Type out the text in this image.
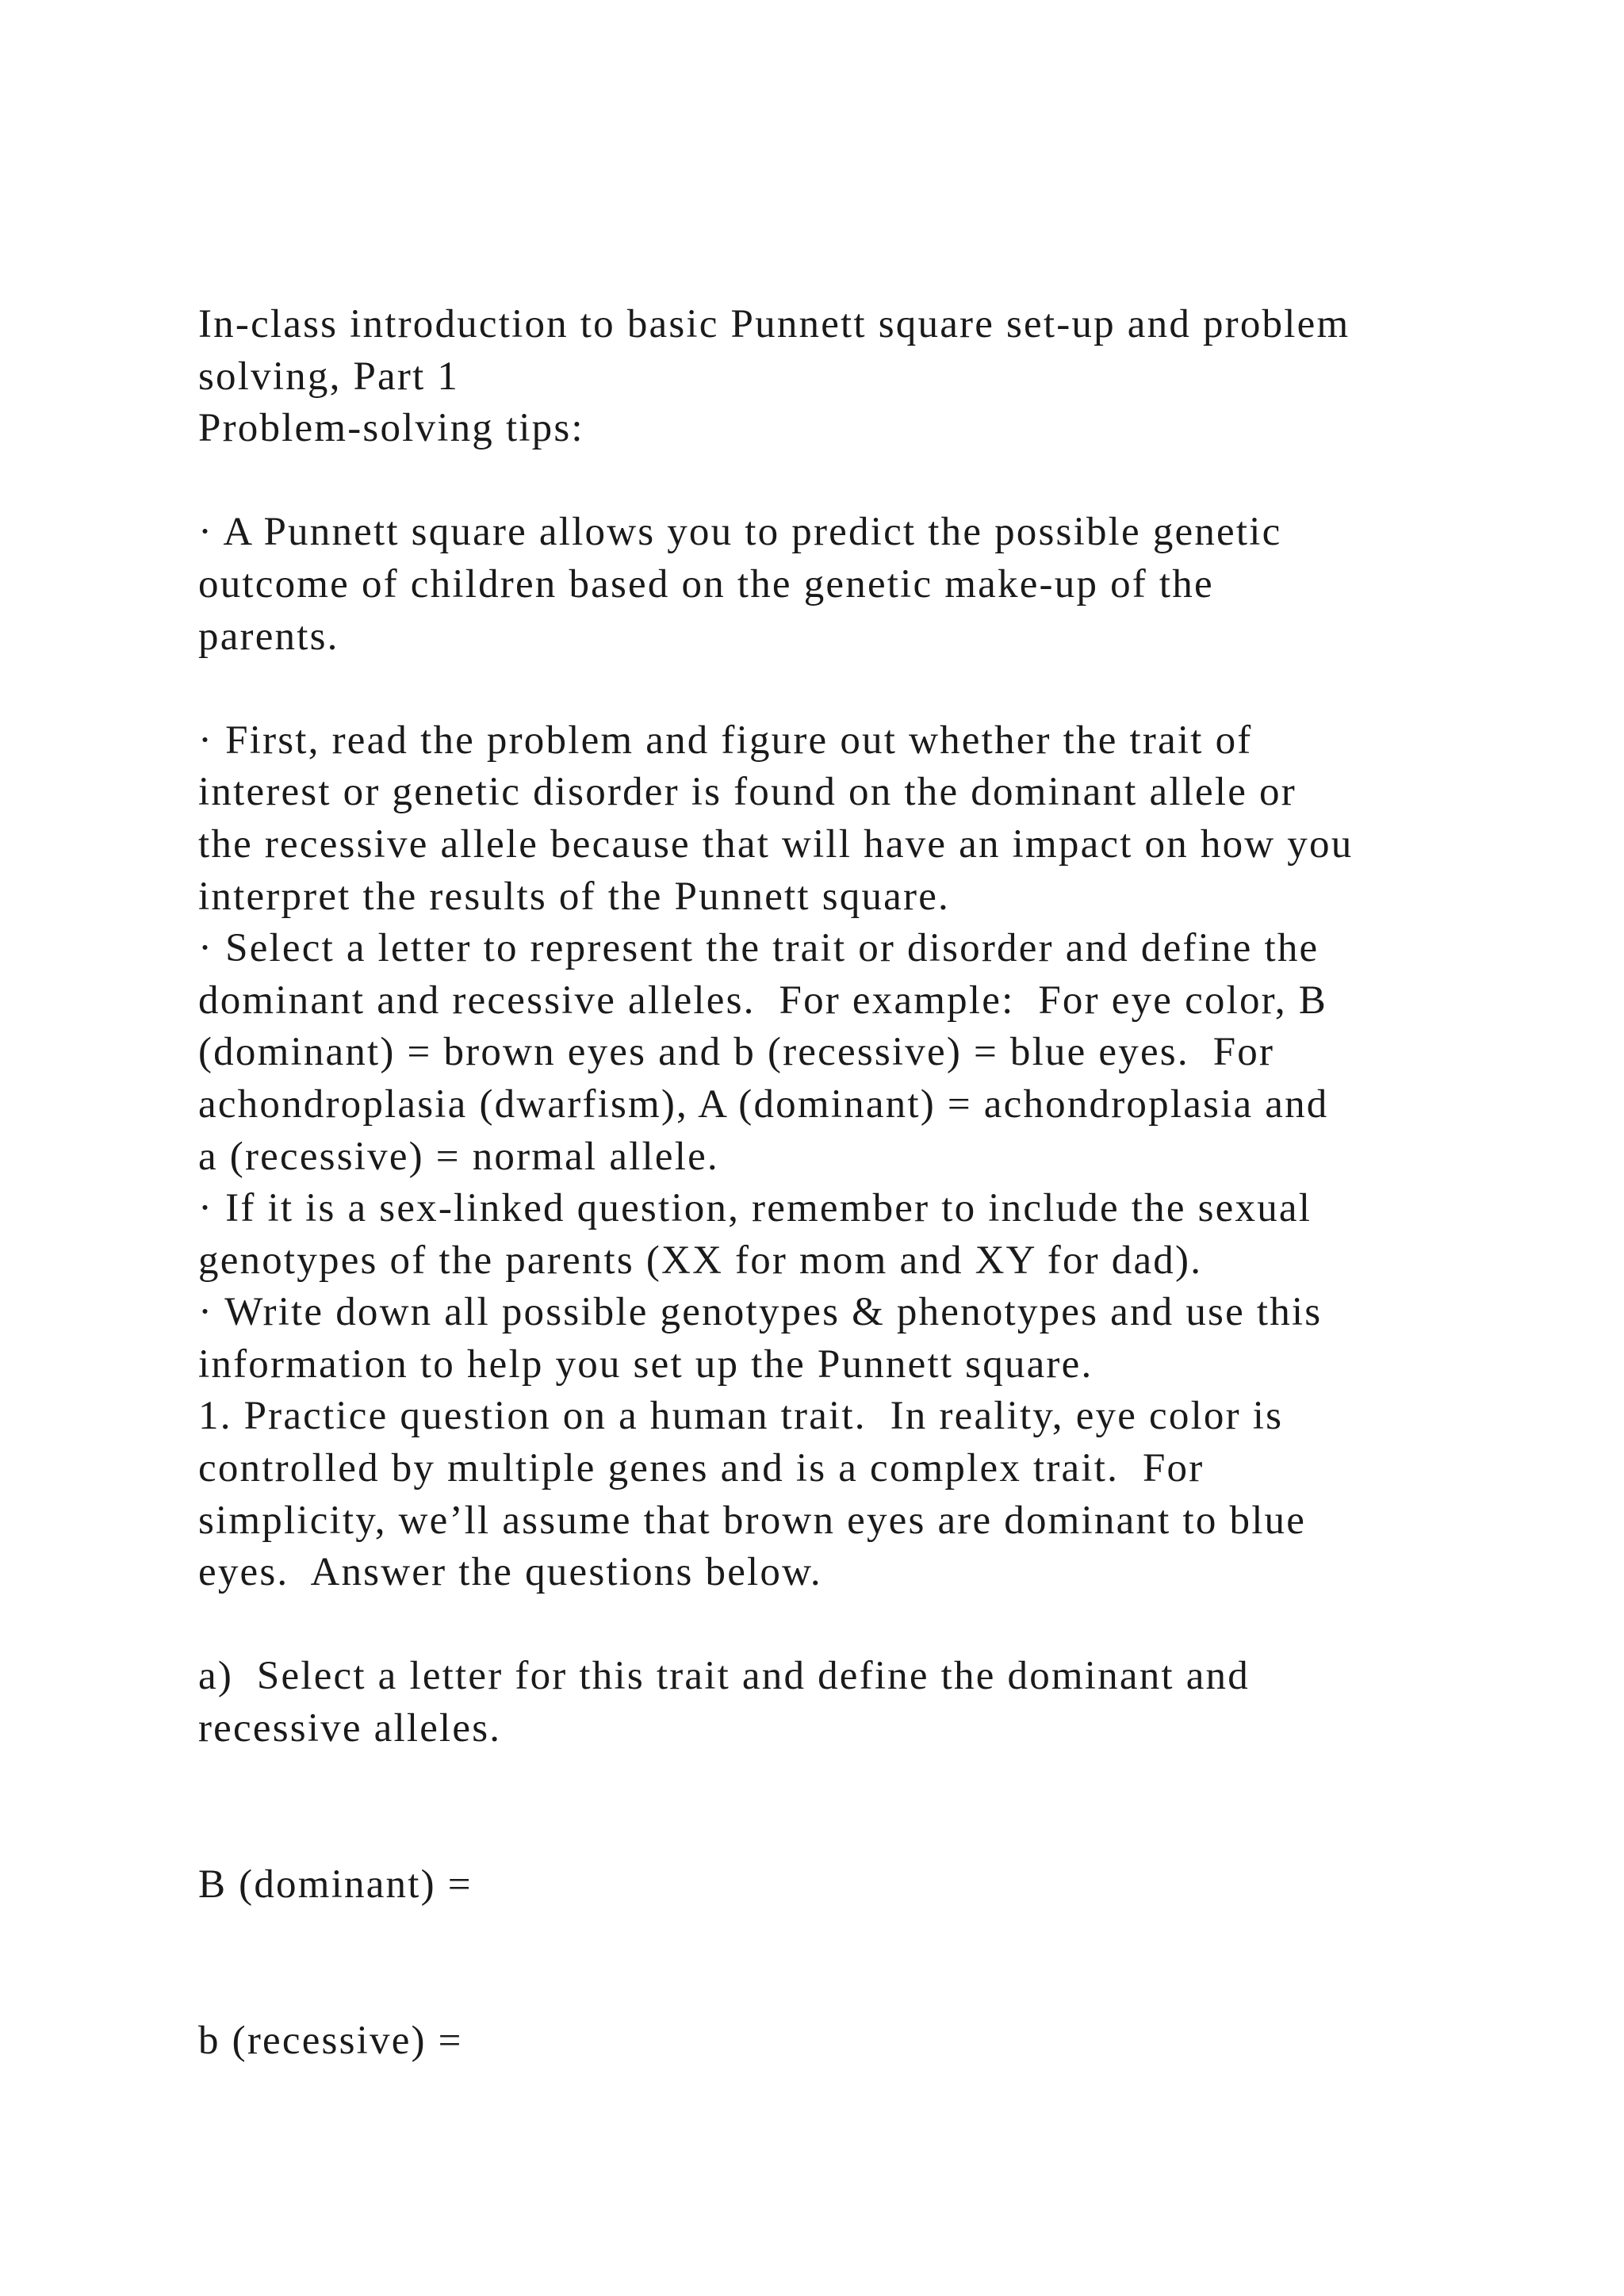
In-class introduction to basic Punnett square set-up and problem
solving, Part 1
Problem-solving tips:
· A Punnett square allows you to predict the possible genetic
outcome of children based on the genetic make-up of the
parents.
· First, read the problem and figure out whether the trait of
interest or genetic disorder is found on the dominant allele or
the recessive allele because that will have an impact on how you
interpret the results of the Punnett square.
· Select a letter to represent the trait or disorder and define the
dominant and recessive alleles.  For example:  For eye color, B
(dominant) = brown eyes and b (recessive) = blue eyes.  For
achondroplasia (dwarfism), A (dominant) = achondroplasia and
a (recessive) = normal allele.
· If it is a sex-linked question, remember to include the sexual
genotypes of the parents (XX for mom and XY for dad).
· Write down all possible genotypes & phenotypes and use this
information to help you set up the Punnett square.
1. Practice question on a human trait.  In reality, eye color is
controlled by multiple genes and is a complex trait.  For
simplicity, we’ll assume that brown eyes are dominant to blue
eyes.  Answer the questions below.
a)  Select a letter for this trait and define the dominant and
recessive alleles.
B (dominant) =
b (recessive) =
